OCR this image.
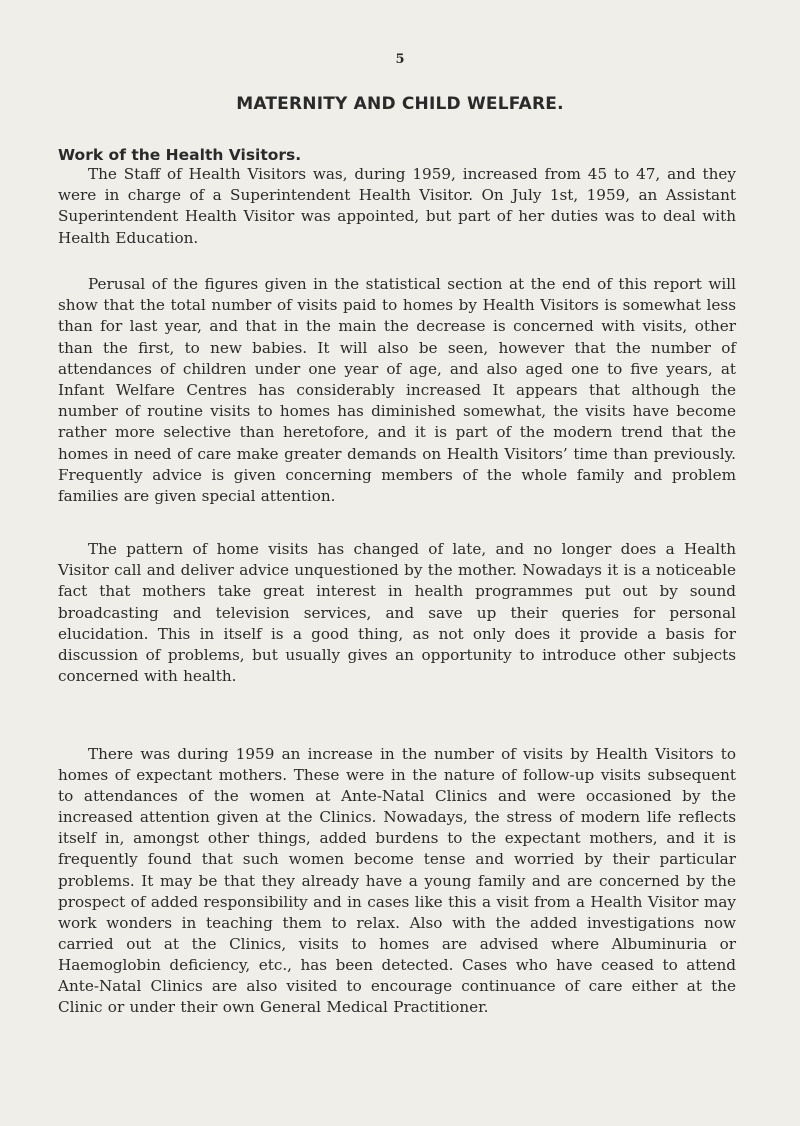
5
MATERNITY AND CHILD WELFARE.
Work of the Health Visitors.

The Staff of Health Visitors was, during 1959, increased from 45 to 47, and they were in charge of a Superintendent Health Visitor. On July 1st, 1959, an Assistant Superintendent Health Visitor was appointed, but part of her duties was to deal with Health Education.

Perusal of the figures given in the statistical section at the end of this report will show that the total number of visits paid to homes by Health Visitors is somewhat less than for last year, and that in the main the decrease is concerned with visits, other than the first, to new babies. It will also be seen, however that the number of attendances of children under one year of age, and also aged one to five years, at Infant Welfare Centres has considerably increased It appears that although the number of routine visits to homes has diminished somewhat, the visits have become rather more selective than heretofore, and it is part of the modern trend that the homes in need of care make greater demands on Health Visitors’ time than previously. Frequently advice is given concerning members of the whole family and problem families are given special attention.

The pattern of home visits has changed of late, and no longer does a Health Visitor call and deliver advice unquestioned by the mother. Nowadays it is a noticeable fact that mothers take great interest in health programmes put out by sound broadcasting and television services, and save up their queries for personal elucidation. This in itself is a good thing, as not only does it provide a basis for discussion of problems, but usually gives an opportunity to introduce other subjects concerned with health.

There was during 1959 an increase in the number of visits by Health Visitors to homes of expectant mothers. These were in the nature of follow-up visits subsequent to attendances of the women at Ante-Natal Clinics and were occasioned by the increased attention given at the Clinics. Nowadays, the stress of modern life reflects itself in, amongst other things, added burdens to the expectant mothers, and it is frequently found that such women become tense and worried by their particular problems. It may be that they already have a young family and are concerned by the prospect of added responsibility and in cases like this a visit from a Health Visitor may work wonders in teaching them to relax. Also with the added investigations now carried out at the Clinics, visits to homes are advised where Albuminuria or Haemoglobin deficiency, etc., has been detected. Cases who have ceased to attend Ante-Natal Clinics are also visited to encourage continuance of care either at the Clinic or under their own General Medical Practitioner.
